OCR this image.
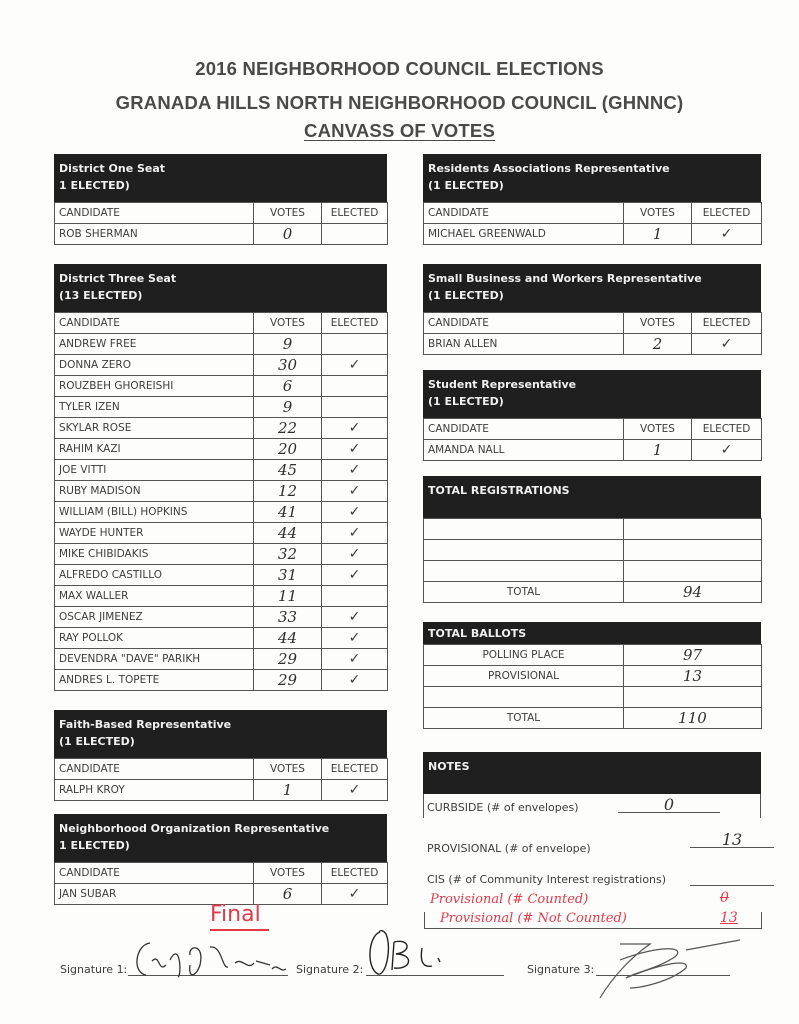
2016 NEIGHBORHOOD COUNCIL ELECTIONS
GRANADA HILLS NORTH NEIGHBORHOOD COUNCIL (GHNNC)
CANVASS OF VOTES
District One Seat
1 ELECTED)
CANDIDATE	VOTES	ELECTED
ROB SHERMAN	0	
District Three Seat
(13 ELECTED)
CANDIDATE	VOTES	ELECTED
ANDREW FREE	9	
DONNA ZERO	30	✓
ROUZBEH GHOREISHI	6	
TYLER IZEN	9	
SKYLAR ROSE	22	✓
RAHIM KAZI	20	✓
JOE VITTI	45	✓
RUBY MADISON	12	✓
WILLIAM (BILL) HOPKINS	41	✓
WAYDE HUNTER	44	✓
MIKE CHIBIDAKIS	32	✓
ALFREDO CASTILLO	31	✓
MAX WALLER	11	
OSCAR JIMENEZ	33	✓
RAY POLLOK	44	✓
DEVENDRA "DAVE" PARIKH	29	✓
ANDRES L. TOPETE	29	✓
Faith-Based Representative
(1 ELECTED)
CANDIDATE	VOTES	ELECTED
RALPH KROY	1	✓
Neighborhood Organization Representative
1 ELECTED)
CANDIDATE	VOTES	ELECTED
JAN SUBAR	6	✓
Residents Associations Representative
(1 ELECTED)
CANDIDATE	VOTES	ELECTED
MICHAEL GREENWALD	1	✓
Small Business and Workers Representative
(1 ELECTED)
CANDIDATE	VOTES	ELECTED
BRIAN ALLEN	2	✓
Student Representative
(1 ELECTED)
CANDIDATE	VOTES	ELECTED
AMANDA NALL	1	✓
TOTAL REGISTRATIONS

TOTAL	94
TOTAL BALLOTS
POLLING PLACE	97
PROVISIONAL	13

TOTAL	110
NOTES
CURBSIDE (# of envelopes)	0
PROVISIONAL (# of envelope)	13
CIS (# of Community Interest registrations)
Provisional (# Counted)	0
Provisional (# Not Counted)	13
Final
Signature 1:	Signature 2:	Signature 3:
